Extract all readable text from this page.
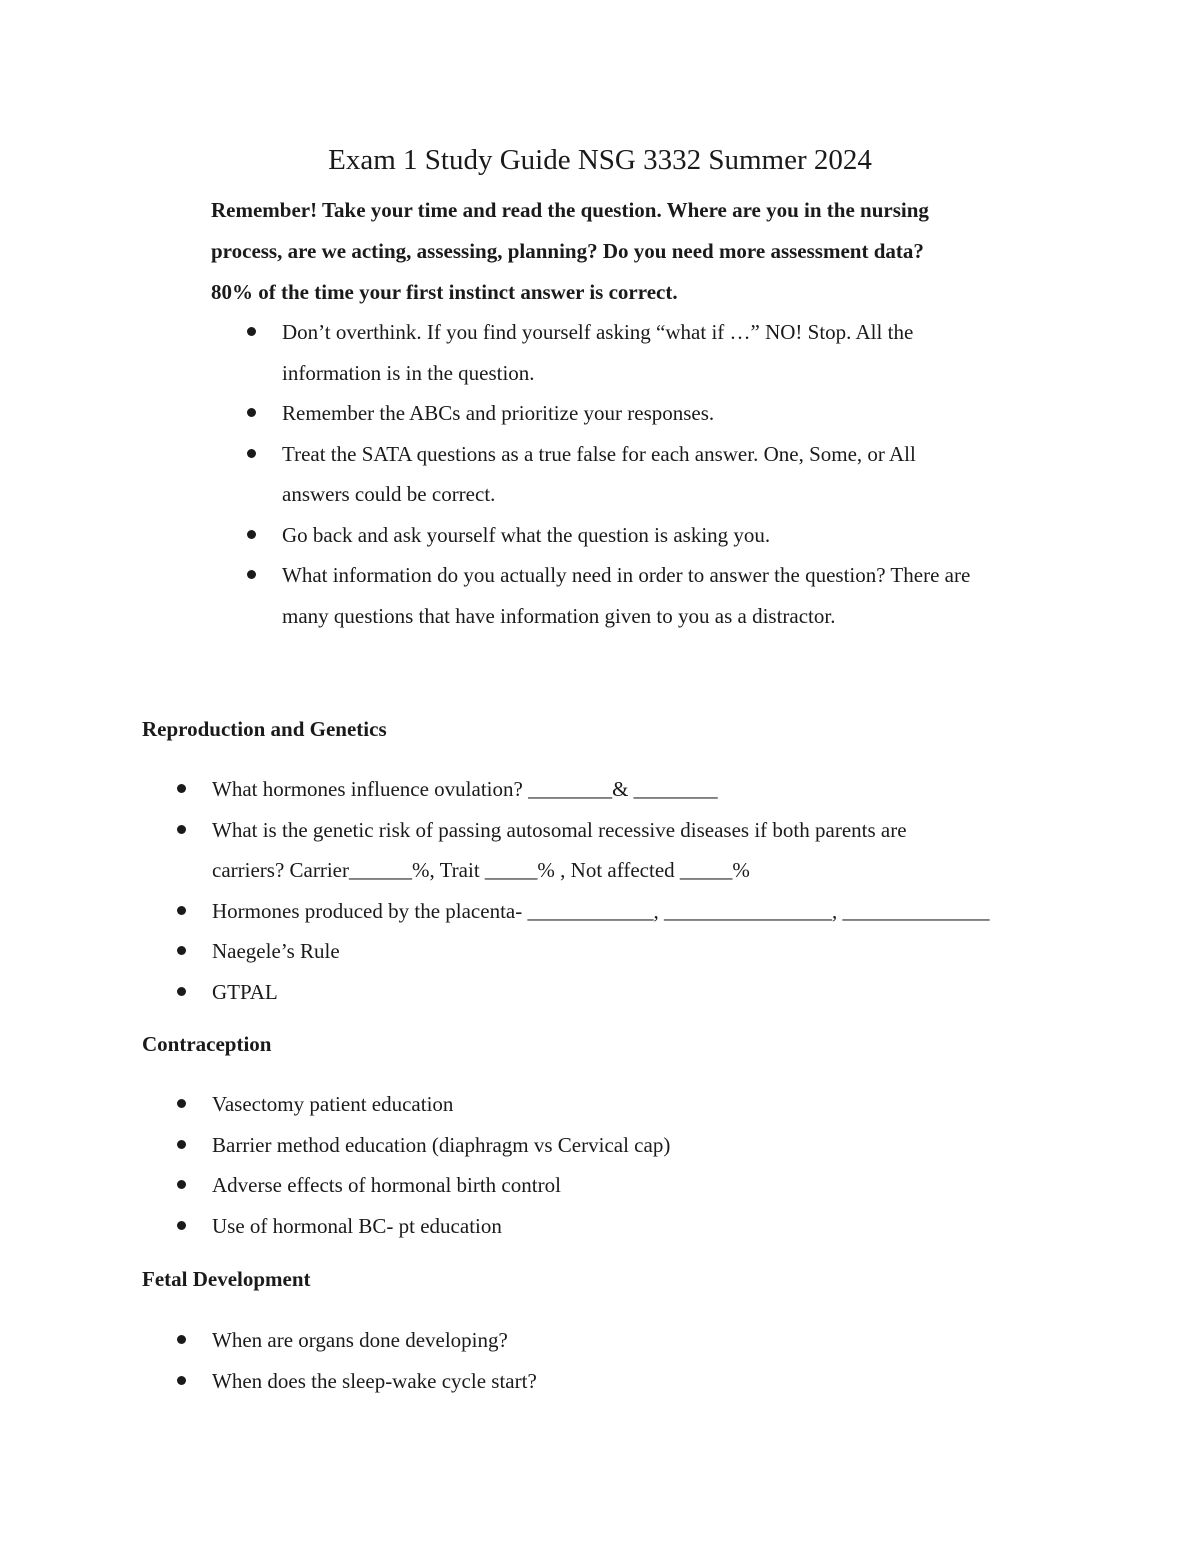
Exam 1 Study Guide NSG 3332 Summer 2024

Remember! Take your time and read the question. Where are you in the nursing

process, are we acting, assessing, planning? Do you need more assessment data?

80% of the time your first instinct answer is correct.

Don’t overthink. If you find yourself asking “what if …” NO! Stop. All the
information is in the question.
Remember the ABCs and prioritize your responses.
Treat the SATA questions as a true false for each answer. One, Some, or All
answers could be correct.
Go back and ask yourself what the question is asking you.
What information do you actually need in order to answer the question? There are
many questions that have information given to you as a distractor.
Reproduction and Genetics
What hormones influence ovulation? ________& ________
What is the genetic risk of passing autosomal recessive diseases if both parents are
carriers? Carrier______%, Trait _____% , Not affected _____%
Hormones produced by the placenta- ____________, ________________, ______________
Naegele’s Rule
GTPAL
Contraception
Vasectomy patient education
Barrier method education (diaphragm vs Cervical cap)
Adverse effects of hormonal birth control
Use of hormonal BC- pt education
Fetal Development
When are organs done developing?
When does the sleep-wake cycle start?
